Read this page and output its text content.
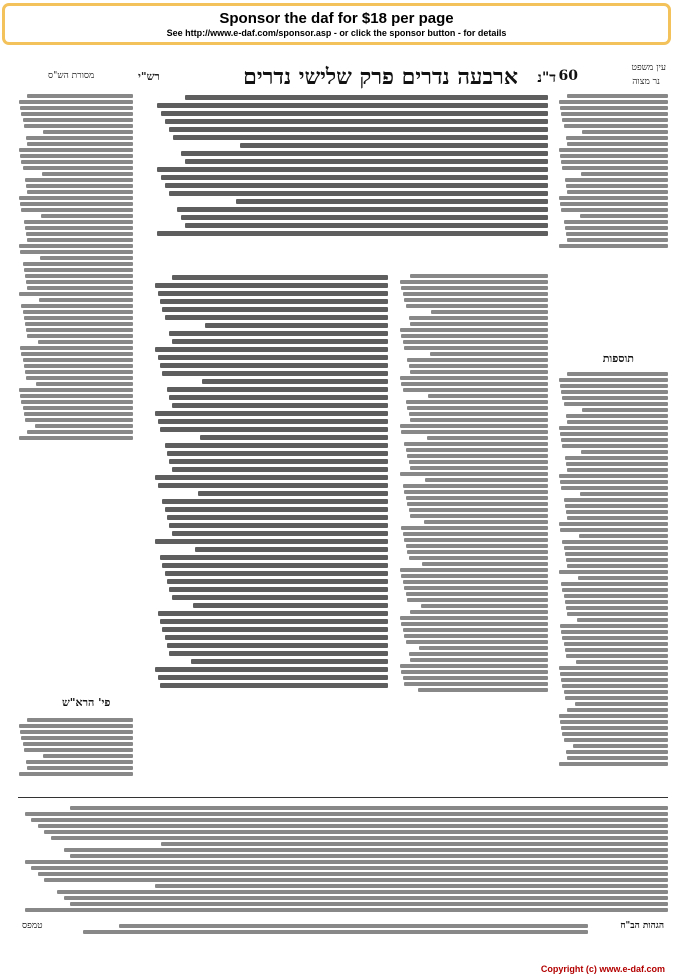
Sponsor the daf for $18 per page
See http://www.e-daf.com/sponsor.asp - or click the sponsor button - for details
עין משפט
נר מצוה
ד"נ
ארבעה נדרים פרק שלישי נדרים
רש"י
מסורת הש"ס	60
תוספות
פי' הרא"ש
טמפס	הגהות הב"ח
Copyright (c) www.e-daf.com
